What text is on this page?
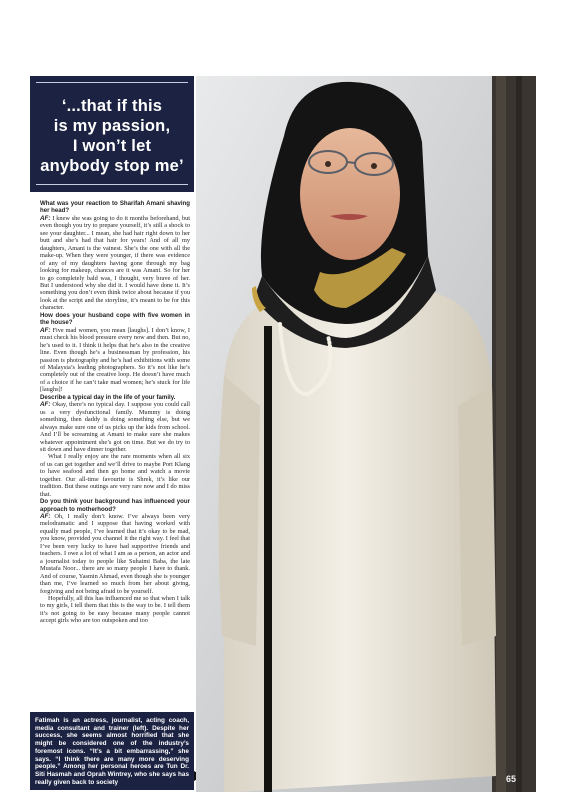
‘...that if this
is my passion,
I won’t let
anybody stop me’

What was your reaction to Sharifah Amani shaving her head?

AF: I knew she was going to do it months beforehand, but even though you try to prepare yourself, it’s still a shock to see your daughter... I mean, she had hair right down to her butt and she’s had that hair for years! And of all my daughters, Amani is the vainest. She’s the one with all the make-up. When they were younger, if there was evidence of any of my daughters having gone through my bag looking for makeup, chances are it was Amani. So for her to go completely bald was, I thought, very brave of her. But I understood why she did it. I would have done it. It’s something you don’t even think twice about because if you look at the script and the storyline, it’s meant to be for this character.

How does your husband cope with five women in the house?

AF: Five mad women, you mean [laughs]. I don’t know, I must check his blood pressure every now and then. But no, he’s used to it. I think it helps that he’s also in the creative line. Even though he’s a businessman by profession, his passion is photography and he’s had exhibitions with some of Malaysia’s leading photographers. So it’s not like he’s completely out of the creative loop. He doesn’t have much of a choice if he can’t take mad women; he’s stuck for life [laughs]!

Describe a typical day in the life of your family.

AF: Okay, there’s no typical day. I suppose you could call us a very dysfunctional family. Mummy is doing something, then daddy is doing something else, but we always make sure one of us picks up the kids from school. And I’ll be screaming at Amani to make sure she makes whatever appointment she’s got on time. But we do try to sit down and have dinner together.

What I really enjoy are the rare moments when all six of us can get together and we’ll drive to maybe Port Klang to have seafood and then go home and watch a movie together. Our all-time favourite is Shrek, it’s like our tradition. But these outings are very rare now and I do miss that.

Do you think your background has influenced your approach to motherhood?

AF: Oh, I really don’t know. I’ve always been very melodramatic and I suppose that having worked with equally mad people, I’ve learned that it’s okay to be mad, you know, provided you channel it the right way. I feel that I’ve been very lucky to have had supportive friends and teachers. I owe a lot of what I am as a person, an actor and a journalist today to people like Suhaimi Baba, the late Mustafa Noor... there are so many people I have to thank. And of course, Yasmin Ahmad, even though she is younger than me, I’ve learned so much from her about giving, forgiving and not being afraid to be yourself.

Hopefully, all this has influenced me so that when I talk to my girls, I tell them that this is the way to be. I tell them it’s not going to be easy because many people cannot accept girls who are too outspoken and too

Fatimah is an actress, journalist, acting coach, media consultant and trainer (left). Despite her success, she seems almost horrified that she might be considered one of the industry’s foremost icons. “It’s a bit embarrassing,” she says. “I think there are many more deserving people.” Among her personal heroes are Tun Dr. Siti Hasmah and Oprah Wintrey, who she says has really given back to society	65
